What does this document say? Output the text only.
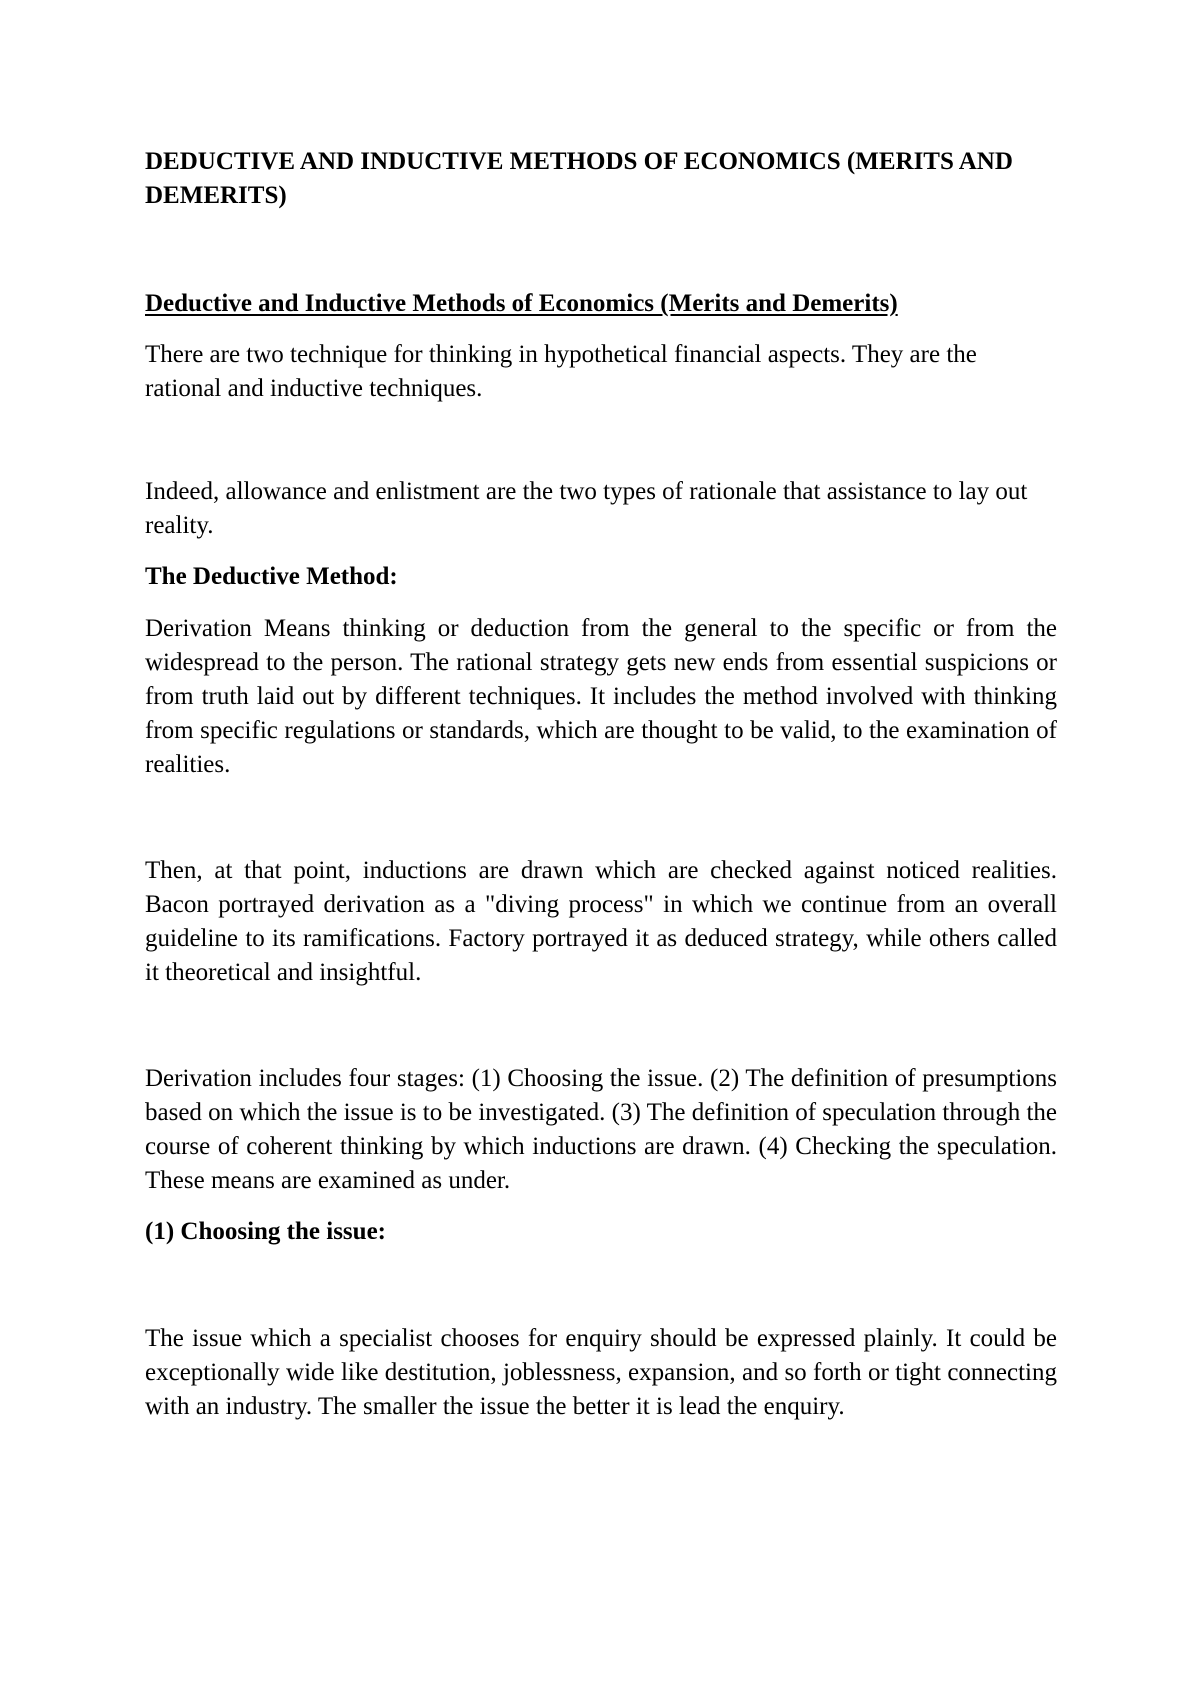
DEDUCTIVE AND INDUCTIVE METHODS OF ECONOMICS (MERITS AND DEMERITS)

Deductive and Inductive Methods of Economics (Merits and Demerits)

There are two technique for thinking in hypothetical financial aspects. They are the rational and inductive techniques.

Indeed, allowance and enlistment are the two types of rationale that assistance to lay out reality.

The Deductive Method:

Derivation Means thinking or deduction from the general to the specific or from the widespread to the person. The rational strategy gets new ends from essential suspicions or from truth laid out by different techniques. It includes the method involved with thinking from specific regulations or standards, which are thought to be valid, to the examination of realities.

Then, at that point, inductions are drawn which are checked against noticed realities. Bacon portrayed derivation as a "diving process" in which we continue from an overall guideline to its ramifications. Factory portrayed it as deduced strategy, while others called it theoretical and insightful.

Derivation includes four stages: (1) Choosing the issue. (2) The definition of presumptions based on which the issue is to be investigated. (3) The definition of speculation through the course of coherent thinking by which inductions are drawn. (4) Checking the speculation. These means are examined as under.

(1) Choosing the issue:

The issue which a specialist chooses for enquiry should be expressed plainly. It could be exceptionally wide like destitution, joblessness, expansion, and so forth or tight connecting with an industry. The smaller the issue the better it is lead the enquiry.
